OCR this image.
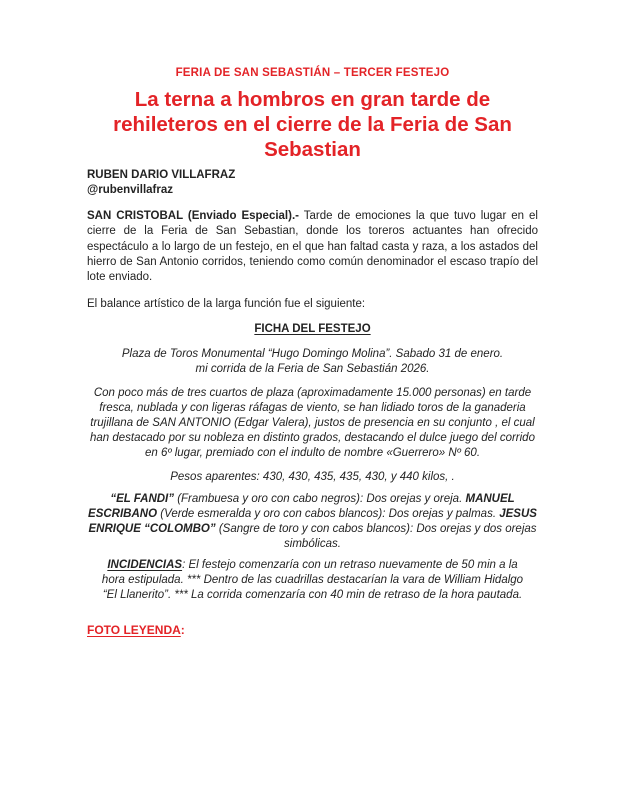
FERIA DE SAN SEBASTIÁN – TERCER FESTEJO
La terna a hombros en gran tarde de rehileteros en el cierre de la Feria de San Sebastian
RUBEN DARIO VILLAFRAZ
@rubenvillafraz
SAN CRISTOBAL (Enviado Especial).- Tarde de emociones la que tuvo lugar en el cierre de la Feria de San Sebastian, donde los toreros actuantes han ofrecido espectáculo a lo largo de un festejo, en el que han faltad casta y raza, a los astados del hierro de San Antonio corridos, teniendo como común denominador el escaso trapío del lote enviado.
El balance artístico de la larga función fue el siguiente:
FICHA DEL FESTEJO
Plaza de Toros Monumental “Hugo Domingo Molina”. Sabado 31 de enero.
mi corrida de la Feria de San Sebastián 2026.
Con poco más de tres cuartos de plaza (aproximadamente 15.000 personas) en tarde fresca, nublada y con ligeras ráfagas de viento, se han lidiado toros de la ganaderia trujillana de SAN ANTONIO (Edgar Valera), justos de presencia en su conjunto , el cual han destacado por su nobleza en distinto grados, destacando el dulce juego del corrido en 6º lugar, premiado con el indulto de nombre «Guerrero» Nº 60.
Pesos aparentes: 430, 430, 435, 435, 430, y 440 kilos, .
“EL FANDI” (Frambuesa y oro con cabo negros): Dos orejas y oreja. MANUEL ESCRIBANO (Verde esmeralda y oro con cabos blancos): Dos orejas y palmas. JESUS ENRIQUE “COLOMBO” (Sangre de toro y con cabos blancos): Dos orejas y dos orejas simbólicas.
INCIDENCIAS: El festejo comenzaría con un retraso nuevamente de 50 min a la hora estipulada. *** Dentro de las cuadrillas destacarían la vara de William Hidalgo “El Llanerito”. *** La corrida comenzaría con 40 min de retraso de la hora pautada.
FOTO LEYENDA:
